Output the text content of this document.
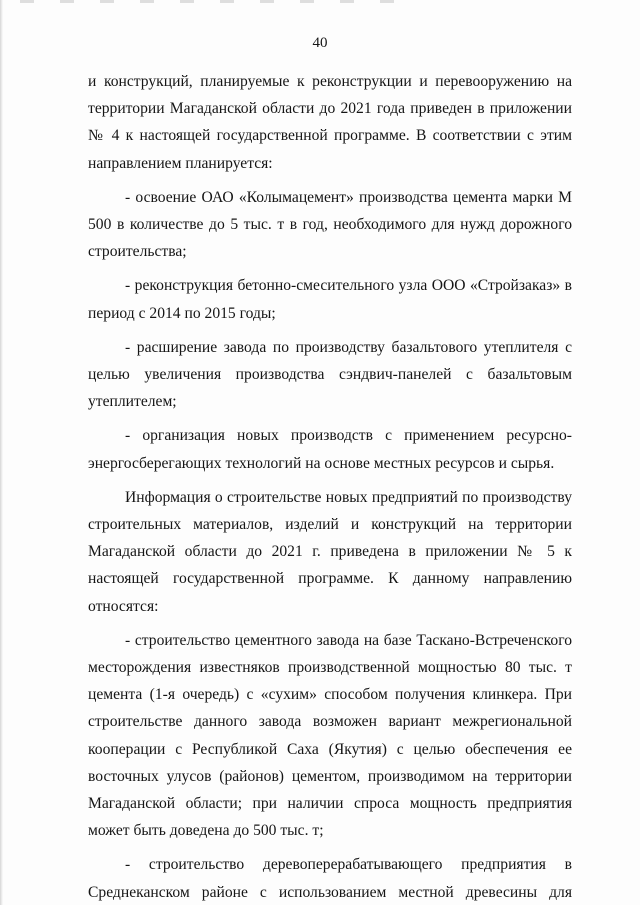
40

и конструкций, планируемые к реконструкции и перевооружению на территории Магаданской области до 2021 года приведен в приложении № 4 к настоящей государственной программе. В соответствии с этим направлением планируется:

- освоение ОАО «Колымацемент» производства цемента марки М 500 в количестве до 5 тыс. т в год, необходимого для нужд дорожного строительства;

- реконструкция бетонно-смесительного узла ООО «Стройзаказ» в период с 2014 по 2015 годы;

- расширение завода по производству базальтового утеплителя с целью увеличения производства сэндвич-панелей с базальтовым утеплителем;

- организация новых производств с применением ресурсно-энергосберегающих технологий на основе местных ресурсов и сырья.

Информация о строительстве новых предприятий по производству строительных материалов, изделий и конструкций на территории Магаданской области до 2021 г. приведена в приложении № 5 к настоящей государственной программе. К данному направлению относятся:

- строительство цементного завода на базе Таскано-Встреченского месторождения известняков производственной мощностью 80 тыс. т цемента (1-я очередь) с «сухим» способом получения клинкера. При строительстве данного завода возможен вариант межрегиональной кооперации с Республикой Саха (Якутия) с целью обеспечения ее восточных улусов (районов) цементом, производимом на территории Магаданской области; при наличии спроса мощность предприятия может быть доведена до 500 тыс. т;

- строительство деревоперерабатывающего предприятия в Среднеканском районе с использованием местной древесины для
